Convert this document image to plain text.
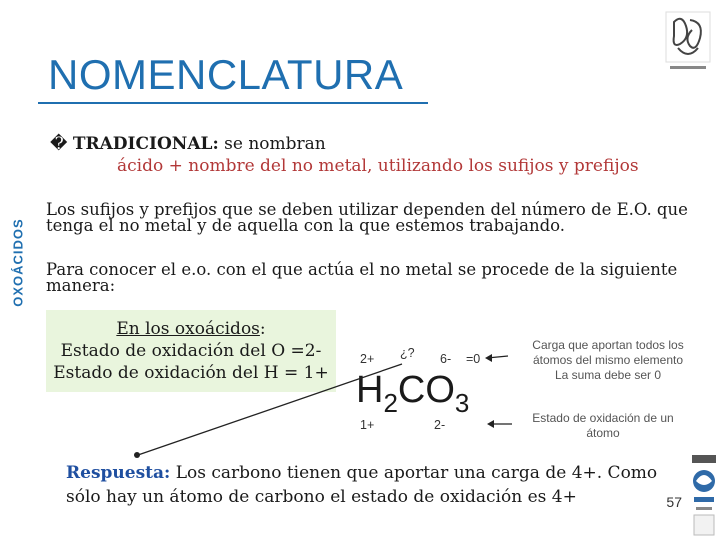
NOMENCLATURA
OXOÁCIDOS
� TRADICIONAL: se nombran
ácido + nombre del no metal, utilizando los sufijos y prefijos
Los sufijos y prefijos que se deben utilizar dependen del número de E.O. que tenga el no metal y de aquella con la que estemos trabajando.
Para conocer el e.o. con el que actúa el no metal se procede de la siguiente manera:
En los oxoácidos:
Estado de oxidación del O =2-
Estado de oxidación del H = 1+
2+ ¿? 6- =0
$H_2CO_3$
1+	2-
Carga que aportan todos los
átomos del mismo elemento
La suma debe ser 0
Estado de oxidación de un
átomo
Respuesta: Los carbono tienen que aportar una carga de 4+. Como sólo hay un átomo de carbono el estado de oxidación es 4+	57
